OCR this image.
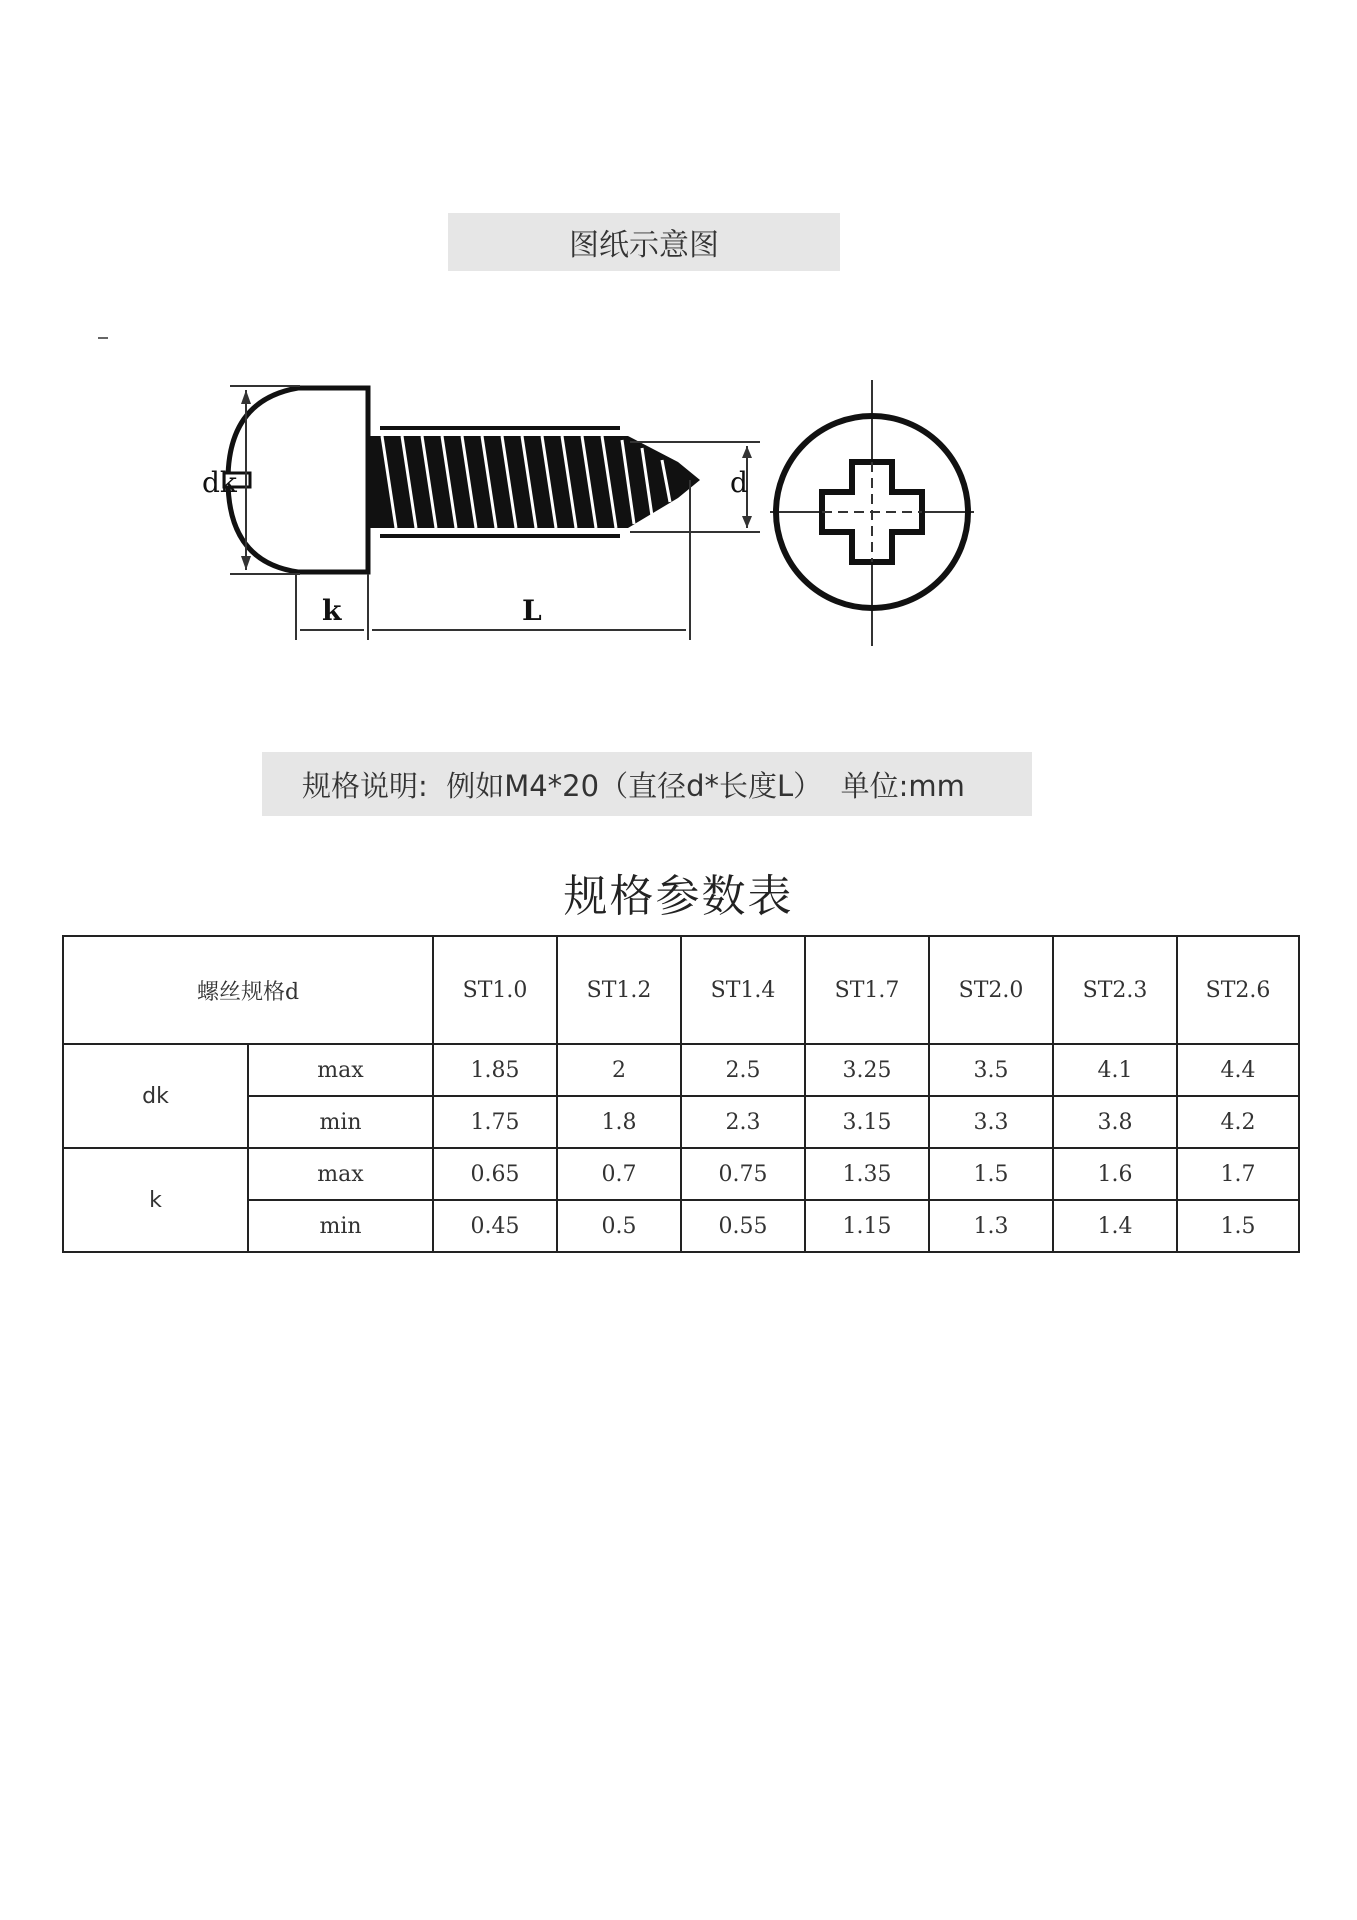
图纸示意图
dk
k	L
d
规格说明:  例如M4*20（直径d*长度L）  单位:mm
规格参数表
螺丝规格d		ST1.0	ST1.2	ST1.4	ST1.7	ST2.0	ST2.3	ST2.6
dk	max	1.85	2	2.5	3.25	3.5	4.1	4.4
	min	1.75	1.8	2.3	3.15	3.3	3.8	4.2
k	max	0.65	0.7	0.75	1.35	1.5	1.6	1.7
	min	0.45	0.5	0.55	1.15	1.3	1.4	1.5
